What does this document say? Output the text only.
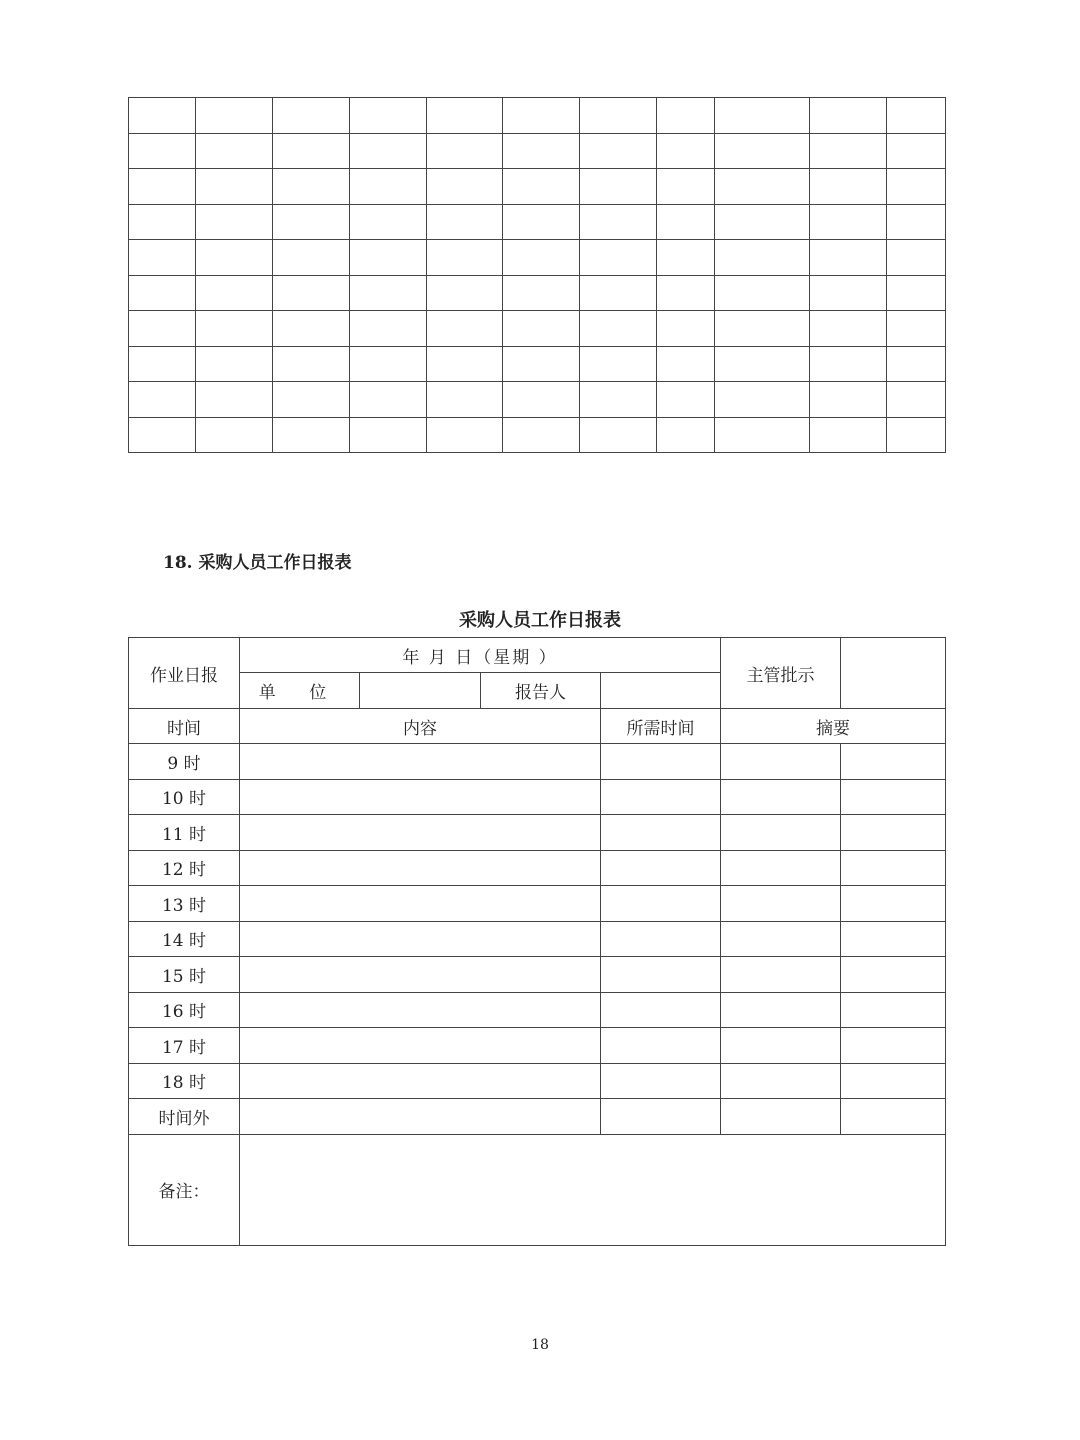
18. 采购人员工作日报表
采购人员工作日报表
作业日报	年 月 日（星期 ）				主管批示	
	单 位		报告人			
时间	内容			所需时间	摘要	
9 时						
10 时						
11 时						
12 时						
13 时						
14 时						
15 时						
16 时						
17 时						
18 时						
时间外						
备注：						
18
